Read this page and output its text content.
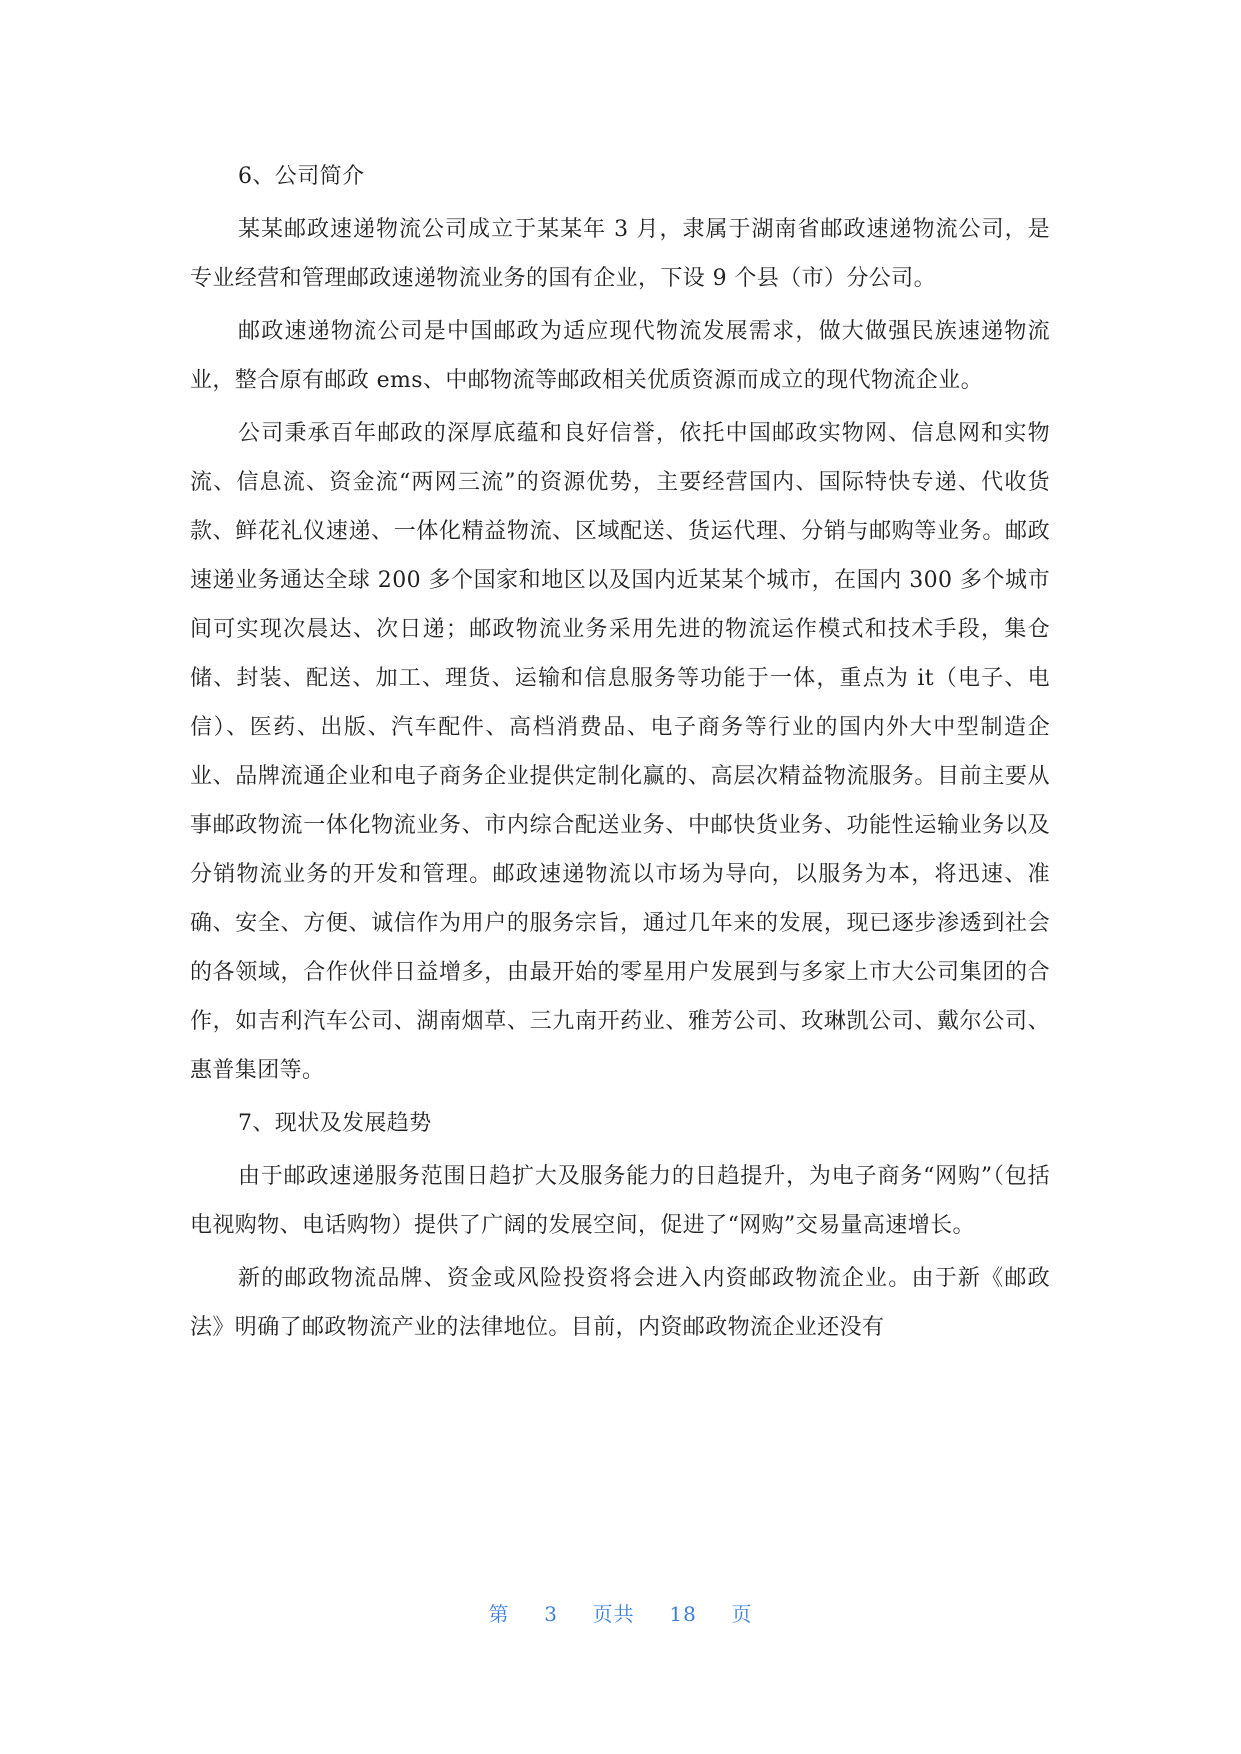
6、公司简介

某某邮政速递物流公司成立于某某年 3 月，隶属于湖南省邮政速递物流公司，是专业经营和管理邮政速递物流业务的国有企业，下设 9 个县（市）分公司。

邮政速递物流公司是中国邮政为适应现代物流发展需求，做大做强民族速递物流业，整合原有邮政 ems、中邮物流等邮政相关优质资源而成立的现代物流企业。

公司秉承百年邮政的深厚底蕴和良好信誉，依托中国邮政实物网、信息网和实物流、信息流、资金流“两网三流”的资源优势，主要经营国内、国际特快专递、代收货款、鲜花礼仪速递、一体化精益物流、区域配送、货运代理、分销与邮购等业务。邮政速递业务通达全球 200 多个国家和地区以及国内近某某个城市，在国内 300 多个城市间可实现次晨达、次日递；邮政物流业务采用先进的物流运作模式和技术手段，集仓储、封装、配送、加工、理货、运输和信息服务等功能于一体，重点为 it（电子、电信）、医药、出版、汽车配件、高档消费品、电子商务等行业的国内外大中型制造企业、品牌流通企业和电子商务企业提供定制化赢的、高层次精益物流服务。目前主要从事邮政物流一体化物流业务、市内综合配送业务、中邮快货业务、功能性运输业务以及分销物流业务的开发和管理。邮政速递物流以市场为导向，以服务为本，将迅速、准确、安全、方便、诚信作为用户的服务宗旨，通过几年来的发展，现已逐步渗透到社会的各领域，合作伙伴日益增多，由最开始的零星用户发展到与多家上市大公司集团的合作，如吉利汽车公司、湖南烟草、三九南开药业、雅芳公司、玫琳凯公司、戴尔公司、惠普集团等。

7、现状及发展趋势

由于邮政速递服务范围日趋扩大及服务能力的日趋提升，为电子商务“网购”（包括电视购物、电话购物）提供了广阔的发展空间，促进了“网购”交易量高速增长。

新的邮政物流品牌、资金或风险投资将会进入内资邮政物流企业。由于新《邮政法》明确了邮政物流产业的法律地位。目前，内资邮政物流企业还没有

第 3 页共 18 页
